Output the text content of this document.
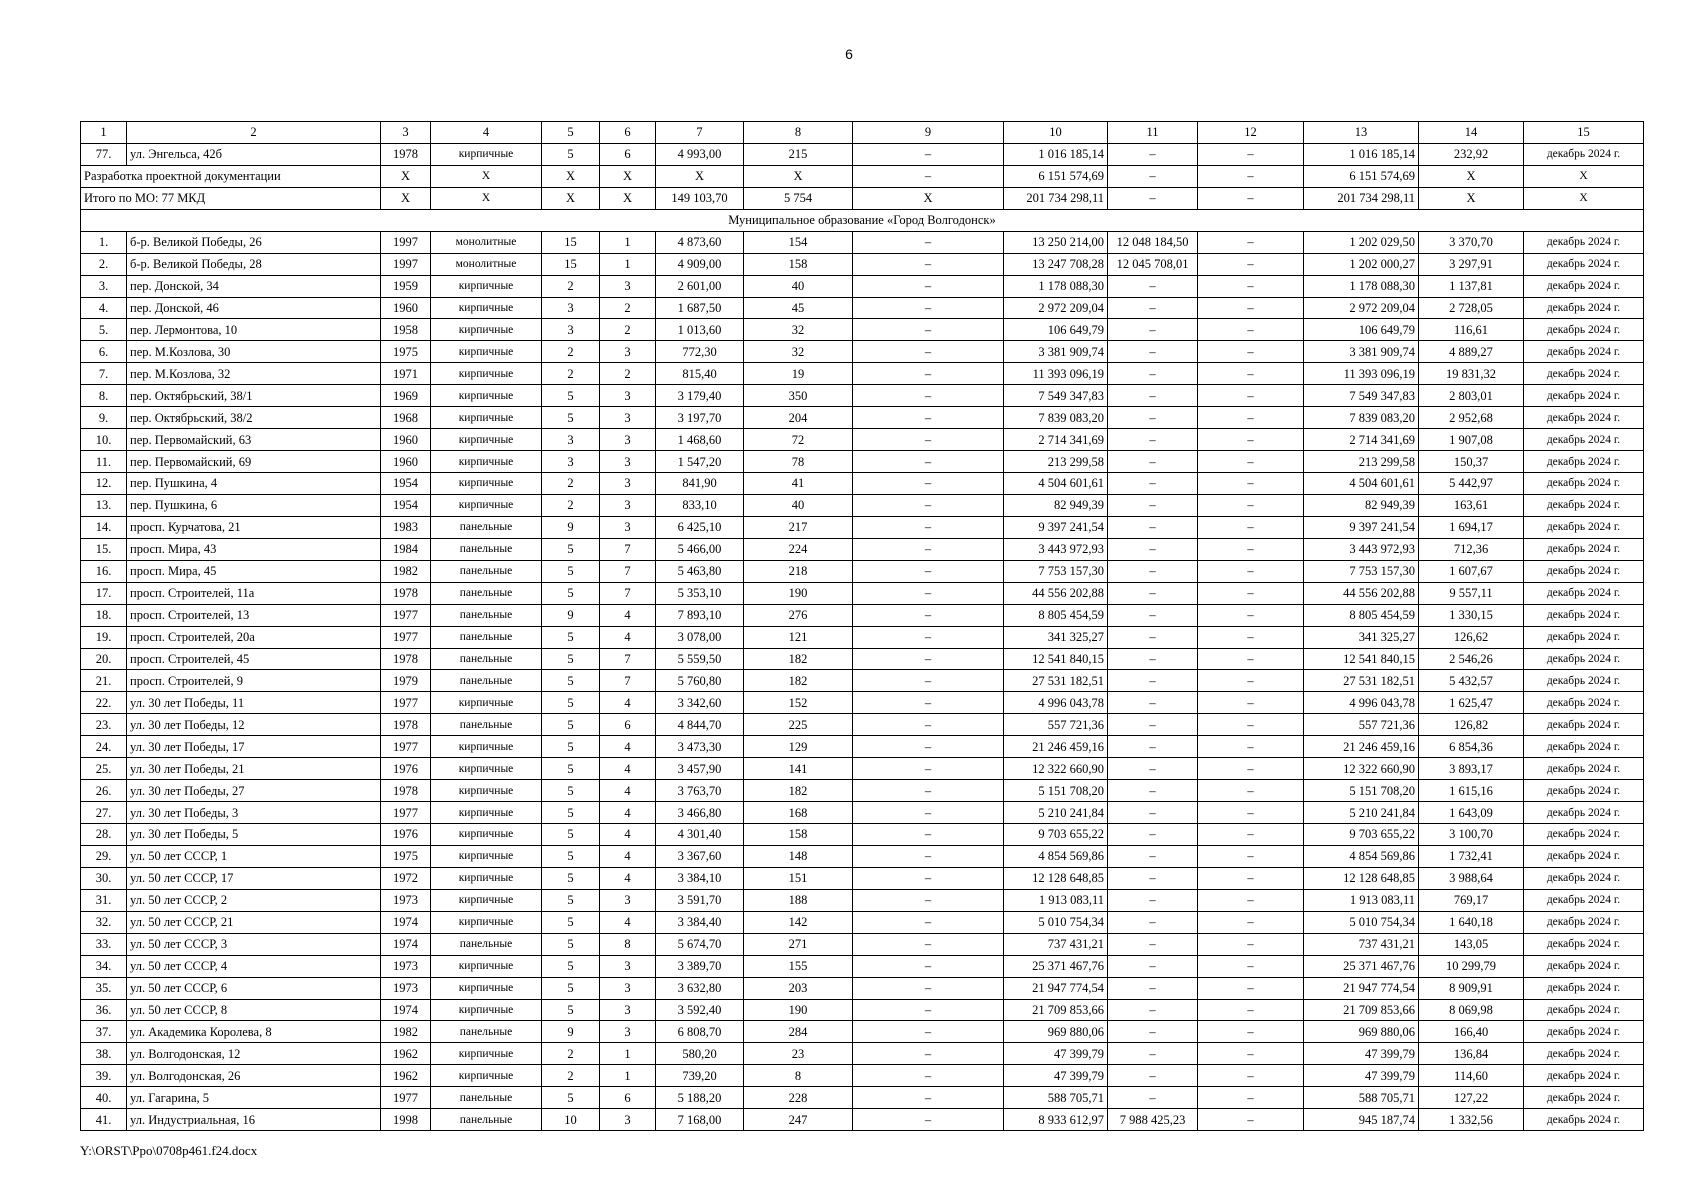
6
1	2	3	4	5	6	7	8	9	10	11	12	13	14	15
77.	ул. Энгельса, 42б	1978	кирпичные	5	6	4 993,00	215	–	1 016 185,14	–	–	1 016 185,14	232,92	декабрь 2024 г.
Разработка проектной документации		X	X	X	X	X	X	–	6 151 574,69	–	–	6 151 574,69	X	X
Итого по МО: 77 МКД		X	X	X	X	149 103,70	5 754	X	201 734 298,11	–	–	201 734 298,11	X	X
Муниципальное образование «Город Волгодонск»														
1.	б-р. Великой Победы, 26	1997	монолитные	15	1	4 873,60	154	–	13 250 214,00	12 048 184,50	–	1 202 029,50	3 370,70	декабрь 2024 г.
2.	б-р. Великой Победы, 28	1997	монолитные	15	1	4 909,00	158	–	13 247 708,28	12 045 708,01	–	1 202 000,27	3 297,91	декабрь 2024 г.
3.	пер. Донской, 34	1959	кирпичные	2	3	2 601,00	40	–	1 178 088,30	–	–	1 178 088,30	1 137,81	декабрь 2024 г.
4.	пер. Донской, 46	1960	кирпичные	3	2	1 687,50	45	–	2 972 209,04	–	–	2 972 209,04	2 728,05	декабрь 2024 г.
5.	пер. Лермонтова, 10	1958	кирпичные	3	2	1 013,60	32	–	106 649,79	–	–	106 649,79	116,61	декабрь 2024 г.
6.	пер. М.Козлова, 30	1975	кирпичные	2	3	772,30	32	–	3 381 909,74	–	–	3 381 909,74	4 889,27	декабрь 2024 г.
7.	пер. М.Козлова, 32	1971	кирпичные	2	2	815,40	19	–	11 393 096,19	–	–	11 393 096,19	19 831,32	декабрь 2024 г.
8.	пер. Октябрьский, 38/1	1969	кирпичные	5	3	3 179,40	350	–	7 549 347,83	–	–	7 549 347,83	2 803,01	декабрь 2024 г.
9.	пер. Октябрьский, 38/2	1968	кирпичные	5	3	3 197,70	204	–	7 839 083,20	–	–	7 839 083,20	2 952,68	декабрь 2024 г.
10.	пер. Первомайский, 63	1960	кирпичные	3	3	1 468,60	72	–	2 714 341,69	–	–	2 714 341,69	1 907,08	декабрь 2024 г.
11.	пер. Первомайский, 69	1960	кирпичные	3	3	1 547,20	78	–	213 299,58	–	–	213 299,58	150,37	декабрь 2024 г.
12.	пер. Пушкина, 4	1954	кирпичные	2	3	841,90	41	–	4 504 601,61	–	–	4 504 601,61	5 442,97	декабрь 2024 г.
13.	пер. Пушкина, 6	1954	кирпичные	2	3	833,10	40	–	82 949,39	–	–	82 949,39	163,61	декабрь 2024 г.
14.	просп. Курчатова, 21	1983	панельные	9	3	6 425,10	217	–	9 397 241,54	–	–	9 397 241,54	1 694,17	декабрь 2024 г.
15.	просп. Мира, 43	1984	панельные	5	7	5 466,00	224	–	3 443 972,93	–	–	3 443 972,93	712,36	декабрь 2024 г.
16.	просп. Мира, 45	1982	панельные	5	7	5 463,80	218	–	7 753 157,30	–	–	7 753 157,30	1 607,67	декабрь 2024 г.
17.	просп. Строителей, 11а	1978	панельные	5	7	5 353,10	190	–	44 556 202,88	–	–	44 556 202,88	9 557,11	декабрь 2024 г.
18.	просп. Строителей, 13	1977	панельные	9	4	7 893,10	276	–	8 805 454,59	–	–	8 805 454,59	1 330,15	декабрь 2024 г.
19.	просп. Строителей, 20а	1977	панельные	5	4	3 078,00	121	–	341 325,27	–	–	341 325,27	126,62	декабрь 2024 г.
20.	просп. Строителей, 45	1978	панельные	5	7	5 559,50	182	–	12 541 840,15	–	–	12 541 840,15	2 546,26	декабрь 2024 г.
21.	просп. Строителей, 9	1979	панельные	5	7	5 760,80	182	–	27 531 182,51	–	–	27 531 182,51	5 432,57	декабрь 2024 г.
22.	ул. 30 лет Победы, 11	1977	кирпичные	5	4	3 342,60	152	–	4 996 043,78	–	–	4 996 043,78	1 625,47	декабрь 2024 г.
23.	ул. 30 лет Победы, 12	1978	панельные	5	6	4 844,70	225	–	557 721,36	–	–	557 721,36	126,82	декабрь 2024 г.
24.	ул. 30 лет Победы, 17	1977	кирпичные	5	4	3 473,30	129	–	21 246 459,16	–	–	21 246 459,16	6 854,36	декабрь 2024 г.
25.	ул. 30 лет Победы, 21	1976	кирпичные	5	4	3 457,90	141	–	12 322 660,90	–	–	12 322 660,90	3 893,17	декабрь 2024 г.
26.	ул. 30 лет Победы, 27	1978	кирпичные	5	4	3 763,70	182	–	5 151 708,20	–	–	5 151 708,20	1 615,16	декабрь 2024 г.
27.	ул. 30 лет Победы, 3	1977	кирпичные	5	4	3 466,80	168	–	5 210 241,84	–	–	5 210 241,84	1 643,09	декабрь 2024 г.
28.	ул. 30 лет Победы, 5	1976	кирпичные	5	4	4 301,40	158	–	9 703 655,22	–	–	9 703 655,22	3 100,70	декабрь 2024 г.
29.	ул. 50 лет СССР, 1	1975	кирпичные	5	4	3 367,60	148	–	4 854 569,86	–	–	4 854 569,86	1 732,41	декабрь 2024 г.
30.	ул. 50 лет СССР, 17	1972	кирпичные	5	4	3 384,10	151	–	12 128 648,85	–	–	12 128 648,85	3 988,64	декабрь 2024 г.
31.	ул. 50 лет СССР, 2	1973	кирпичные	5	3	3 591,70	188	–	1 913 083,11	–	–	1 913 083,11	769,17	декабрь 2024 г.
32.	ул. 50 лет СССР, 21	1974	кирпичные	5	4	3 384,40	142	–	5 010 754,34	–	–	5 010 754,34	1 640,18	декабрь 2024 г.
33.	ул. 50 лет СССР, 3	1974	панельные	5	8	5 674,70	271	–	737 431,21	–	–	737 431,21	143,05	декабрь 2024 г.
34.	ул. 50 лет СССР, 4	1973	кирпичные	5	3	3 389,70	155	–	25 371 467,76	–	–	25 371 467,76	10 299,79	декабрь 2024 г.
35.	ул. 50 лет СССР, 6	1973	кирпичные	5	3	3 632,80	203	–	21 947 774,54	–	–	21 947 774,54	8 909,91	декабрь 2024 г.
36.	ул. 50 лет СССР, 8	1974	кирпичные	5	3	3 592,40	190	–	21 709 853,66	–	–	21 709 853,66	8 069,98	декабрь 2024 г.
37.	ул. Академика Королева, 8	1982	панельные	9	3	6 808,70	284	–	969 880,06	–	–	969 880,06	166,40	декабрь 2024 г.
38.	ул. Волгодонская, 12	1962	кирпичные	2	1	580,20	23	–	47 399,79	–	–	47 399,79	136,84	декабрь 2024 г.
39.	ул. Волгодонская, 26	1962	кирпичные	2	1	739,20	8	–	47 399,79	–	–	47 399,79	114,60	декабрь 2024 г.
40.	ул. Гагарина, 5	1977	панельные	5	6	5 188,20	228	–	588 705,71	–	–	588 705,71	127,22	декабрь 2024 г.
41.	ул. Индустриальная, 16	1998	панельные	10	3	7 168,00	247	–	8 933 612,97	7 988 425,23	–	945 187,74	1 332,56	декабрь 2024 г.
Y:\ORST\Ppo\0708p461.f24.docx
